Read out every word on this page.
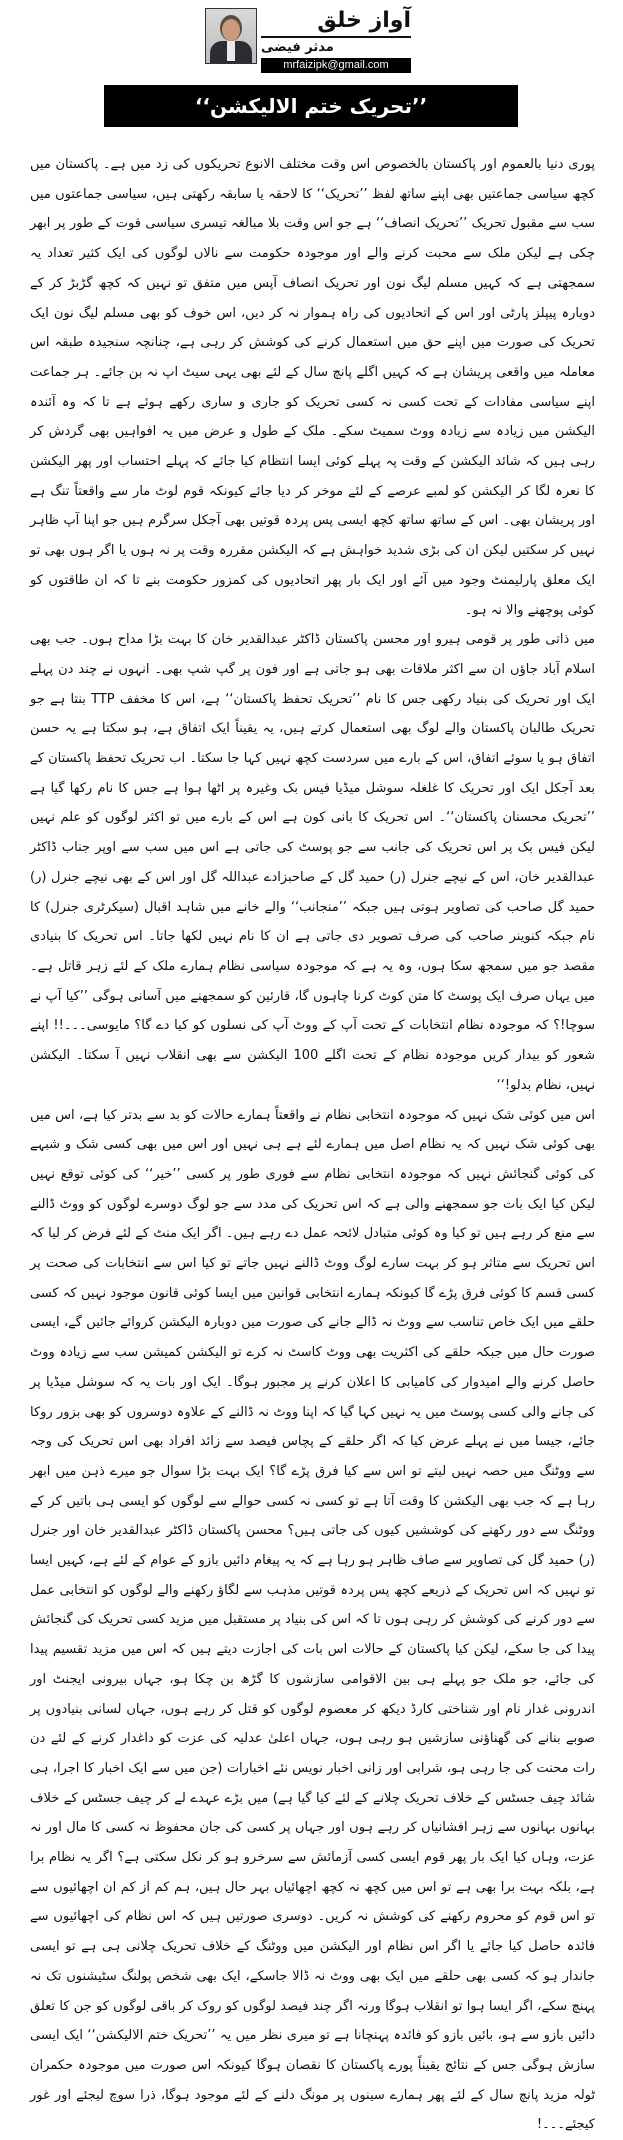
آواز خلق
مدثر فیضی
mrfaizipk@gmail.com
’’تحریک ختم الالیکشن‘‘

پوری دنیا بالعموم اور پاکستان بالخصوص اس وقت مختلف الانوع تحریکوں کی زد میں ہے۔ پاکستان میں کچھ سیاسی جماعتیں بھی اپنے ساتھ لفظ ’’تحریک‘‘ کا لاحقہ یا سابقہ رکھتی ہیں، سیاسی جماعتوں میں سب سے مقبول تحریک ’’تحریک انصاف‘‘ ہے جو اس وقت بلا مبالغہ تیسری سیاسی قوت کے طور پر ابھر چکی ہے لیکن ملک سے محبت کرنے والے اور موجودہ حکومت سے نالاں لوگوں کی ایک کثیر تعداد یہ سمجھتی ہے کہ کہیں مسلم لیگ نون اور تحریک انصاف آپس میں متفق تو نہیں کہ کچھ گڑبڑ کر کے دوبارہ پیپلز پارٹی اور اس کے اتحادیوں کی راہ ہموار نہ کر دیں، اس خوف کو بھی مسلم لیگ نون ایک تحریک کی صورت میں اپنے حق میں استعمال کرنے کی کوشش کر رہی ہے، چنانچہ سنجیدہ طبقہ اس معاملہ میں واقعی پریشان ہے کہ کہیں اگلے پانچ سال کے لئے بھی یہی سیٹ اپ نہ بن جائے۔ ہر جماعت اپنے سیاسی مفادات کے تحت کسی نہ کسی تحریک کو جاری و ساری رکھے ہوئے ہے تا کہ وہ آئندہ الیکشن میں زیادہ سے زیادہ ووٹ سمیٹ سکے۔ ملک کے طول و عرض میں یہ افواہیں بھی گردش کر رہی ہیں کہ شائد الیکشن کے وقت پہ پہلے کوئی ایسا انتظام کیا جائے کہ پہلے احتساب اور پھر الیکشن کا نعرہ لگا کر الیکشن کو لمبے عرصے کے لئے موخر کر دیا جائے کیونکہ قوم لوٹ مار سے واقعتاً تنگ ہے اور پریشان بھی۔ اس کے ساتھ ساتھ کچھ ایسی پس پردہ قوتیں بھی آجکل سرگرم ہیں جو اپنا آپ ظاہر نہیں کر سکتیں لیکن ان کی بڑی شدید خواہش ہے کہ الیکشن مقررہ وقت پر نہ ہوں یا اگر ہوں بھی تو ایک معلق پارلیمنٹ وجود میں آئے اور ایک بار پھر اتحادیوں کی کمزور حکومت بنے تا کہ ان طاقتوں کو کوئی پوچھنے والا نہ ہو۔

میں ذاتی طور پر قومی ہیرو اور محسن پاکستان ڈاکٹر عبدالقدیر خان کا بہت بڑا مداح ہوں۔ جب بھی اسلام آباد جاؤں ان سے اکثر ملاقات بھی ہو جاتی ہے اور فون پر گپ شپ بھی۔ انہوں نے چند دن پہلے ایک اور تحریک کی بنیاد رکھی جس کا نام ’’تحریک تحفظ پاکستان‘‘ ہے، اس کا مخفف TTP بنتا ہے جو تحریک طالبان پاکستان والے لوگ بھی استعمال کرتے ہیں، یہ یقیناً ایک اتفاق ہے، ہو سکتا ہے یہ حسن اتفاق ہو یا سوئے اتفاق، اس کے بارے میں سردست کچھ نہیں کہا جا سکتا۔ اب تحریک تحفظ پاکستان کے بعد آجکل ایک اور تحریک کا غلغلہ سوشل میڈیا فیس بک وغیرہ پر اٹھا ہوا ہے جس کا نام رکھا گیا ہے ’’تحریک محسنان پاکستان‘‘۔ اس تحریک کا بانی کون ہے اس کے بارے میں تو اکثر لوگوں کو علم نہیں لیکن فیس بک پر اس تحریک کی جانب سے جو پوسٹ کی جاتی ہے اس میں سب سے اوپر جناب ڈاکٹر عبدالقدیر خان، اس کے نیچے جنرل (ر) حمید گل کے صاحبزادے عبداللہ گل اور اس کے بھی نیچے جنرل (ر) حمید گل صاحب کی تصاویر ہوتی ہیں جبکہ ’’منجانب‘‘ والے خانے میں شاہد اقبال (سیکرٹری جنرل) کا نام جبکہ کنوینر صاحب کی صرف تصویر دی جاتی ہے ان کا نام نہیں لکھا جاتا۔ اس تحریک کا بنیادی مقصد جو میں سمجھ سکا ہوں، وہ یہ ہے کہ موجودہ سیاسی نظام ہمارے ملک کے لئے زہر قاتل ہے۔ میں یہاں صرف ایک پوسٹ کا متن کوٹ کرنا چاہوں گا، قارئین کو سمجھنے میں آسانی ہوگی ’’کیا آپ نے سوچا!؟ کہ موجودہ نظام انتخابات کے تحت آپ کے ووٹ آپ کی نسلوں کو کیا دے گا؟ مایوسی۔۔۔!! اپنے شعور کو بیدار کریں موجودہ نظام کے تحت اگلے 100 الیکشن سے بھی انقلاب نہیں آ سکتا۔ الیکشن نہیں، نظام بدلو!‘‘

اس میں کوئی شک نہیں کہ موجودہ انتخابی نظام نے واقعتاً ہمارے حالات کو بد سے بدتر کیا ہے، اس میں بھی کوئی شک نہیں کہ یہ نظام اصل میں ہمارے لئے ہے ہی نہیں اور اس میں بھی کسی شک و شبہے کی کوئی گنجائش نہیں کہ موجودہ انتخابی نظام سے فوری طور پر کسی ’’خیر‘‘ کی کوئی توقع نہیں لیکن کیا ایک بات جو سمجھنے والی ہے کہ اس تحریک کی مدد سے جو لوگ دوسرے لوگوں کو ووٹ ڈالنے سے منع کر رہے ہیں تو کیا وہ کوئی متبادل لائحہ عمل دے رہے ہیں۔ اگر ایک منٹ کے لئے فرض کر لیا کہ اس تحریک سے متاثر ہو کر بہت سارے لوگ ووٹ ڈالنے نہیں جاتے تو کیا اس سے انتخابات کی صحت پر کسی قسم کا کوئی فرق پڑے گا کیونکہ ہمارے انتخابی قوانین میں ایسا کوئی قانون موجود نہیں کہ کسی حلقے میں ایک خاص تناسب سے ووٹ نہ ڈالے جانے کی صورت میں دوبارہ الیکشن کروائے جائیں گے، ایسی صورت حال میں جبکہ حلقے کی اکثریت بھی ووٹ کاسٹ نہ کرے تو الیکشن کمیشن سب سے زیادہ ووٹ حاصل کرنے والے امیدوار کی کامیابی کا اعلان کرنے پر مجبور ہوگا۔ ایک اور بات یہ کہ سوشل میڈیا پر کی جانے والی کسی پوسٹ میں یہ نہیں کہا گیا کہ اپنا ووٹ نہ ڈالنے کے علاوہ دوسروں کو بھی بزور روکا جائے، جیسا میں نے پہلے عرض کیا کہ اگر حلقے کے پچاس فیصد سے زائد افراد بھی اس تحریک کی وجہ سے ووٹنگ میں حصہ نہیں لیتے تو اس سے کیا فرق پڑے گا؟ ایک بہت بڑا سوال جو میرے ذہن میں ابھر رہا ہے کہ جب بھی الیکشن کا وقت آتا ہے تو کسی نہ کسی حوالے سے لوگوں کو ایسی ہی باتیں کر کے ووٹنگ سے دور رکھنے کی کوششیں کیوں کی جاتی ہیں؟ محسن پاکستان ڈاکٹر عبدالقدیر خان اور جنرل (ر) حمید گل کی تصاویر سے صاف ظاہر ہو رہا ہے کہ یہ پیغام دائیں بازو کے عوام کے لئے ہے، کہیں ایسا تو نہیں کہ اس تحریک کے ذریعے کچھ پس پردہ قوتیں مذہب سے لگاؤ رکھنے والے لوگوں کو انتخابی عمل سے دور کرنے کی کوشش کر رہی ہوں تا کہ اس کی بنیاد پر مستقبل میں مزید کسی تحریک کی گنجائش پیدا کی جا سکے، لیکن کیا پاکستان کے حالات اس بات کی اجازت دیتے ہیں کہ اس میں مزید تقسیم پیدا کی جائے، جو ملک جو پہلے ہی بین الاقوامی سازشوں کا گڑھ بن چکا ہو، جہاں بیرونی ایجنٹ اور اندرونی غدار نام اور شناختی کارڈ دیکھ کر معصوم لوگوں کو قتل کر رہے ہوں، جہاں لسانی بنیادوں پر صوبے بنانے کی گھناؤنی سازشیں ہو رہی ہوں، جہاں اعلیٰ عدلیہ کی عزت کو داغدار کرنے کے لئے دن رات محنت کی جا رہی ہو، شرابی اور زانی اخبار نویس نئے اخبارات (جن میں سے ایک اخبار کا اجرا، ہی شائد چیف جسٹس کے خلاف تحریک چلانے کے لئے کیا گیا ہے) میں بڑے عہدے لے کر چیف جسٹس کے خلاف بہانوں بہانوں سے زہر افشانیاں کر رہے ہوں اور جہاں پر کسی کی جان محفوظ نہ کسی کا مال اور نہ عزت، وہاں کیا ایک بار پھر قوم ایسی کسی آزمائش سے سرخرو ہو کر نکل سکتی ہے؟ اگر یہ نظام برا ہے، بلکہ بہت برا بھی ہے تو اس میں کچھ نہ کچھ اچھائیاں بہر حال ہیں، ہم کم از کم ان اچھائیوں سے تو اس قوم کو محروم رکھنے کی کوشش نہ کریں۔ دوسری صورتیں ہیں کہ اس نظام کی اچھائیوں سے فائدہ حاصل کیا جائے یا اگر اس نظام اور الیکشن میں ووٹنگ کے خلاف تحریک چلانی ہی ہے تو ایسی جاندار ہو کہ کسی بھی حلقے میں ایک بھی ووٹ نہ ڈالا جاسکے، ایک بھی شخص پولنگ سٹیشنوں تک نہ پہنچ سکے، اگر ایسا ہوا تو انقلاب ہوگا ورنہ اگر چند فیصد لوگوں کو روک کر باقی لوگوں کو جن کا تعلق دائیں بازو سے ہو، بائیں بازو کو فائدہ پہنچانا ہے تو میری نظر میں یہ ’’تحریک ختم الالیکشن‘‘ ایک ایسی سازش ہوگی جس کے نتائج یقیناً پورے پاکستان کا نقصان ہوگا کیونکہ اس صورت میں موجودہ حکمران ٹولہ مزید پانچ سال کے لئے پھر ہمارے سینوں پر مونگ دلنے کے لئے موجود ہوگا، ذرا سوچ لیجئے اور غور کیجئے۔۔۔!
